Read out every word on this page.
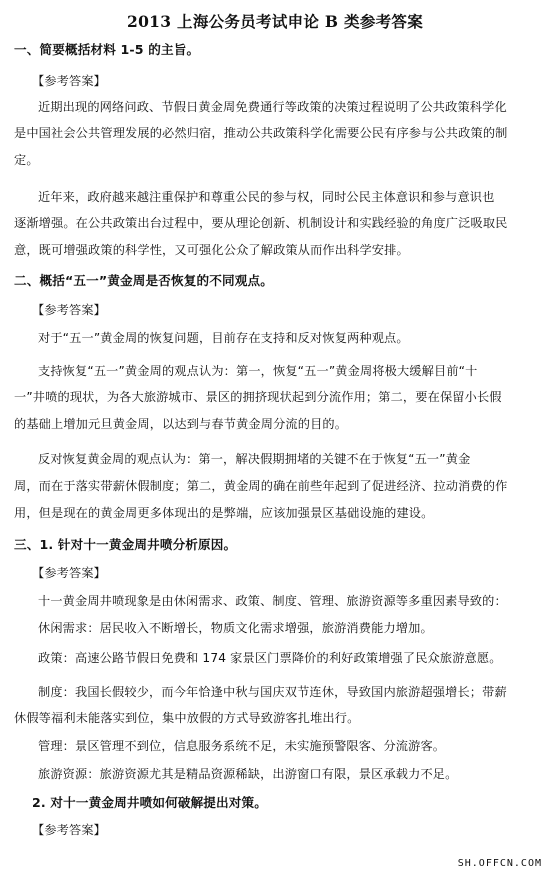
2013 上海公务员考试申论 B 类参考答案
一、简要概括材料 1-5 的主旨。
【参考答案】
近期出现的网络问政、节假日黄金周免费通行等政策的决策过程说明了公共政策科学化
是中国社会公共管理发展的必然归宿，推动公共政策科学化需要公民有序参与公共政策的制
定。
近年来，政府越来越注重保护和尊重公民的参与权，同时公民主体意识和参与意识也
逐渐增强。在公共政策出台过程中，要从理论创新、机制设计和实践经验的角度广泛吸取民
意，既可增强政策的科学性，又可强化公众了解政策从而作出科学安排。
二、概括“五一”黄金周是否恢复的不同观点。
【参考答案】
对于“五一”黄金周的恢复问题，目前存在支持和反对恢复两种观点。
支持恢复“五一”黄金周的观点认为：第一，恢复“五一”黄金周将极大缓解目前“十
一”井喷的现状，为各大旅游城市、景区的拥挤现状起到分流作用；第二，要在保留小长假
的基础上增加元旦黄金周，以达到与春节黄金周分流的目的。
反对恢复黄金周的观点认为：第一，解决假期拥堵的关键不在于恢复“五一”黄金
周，而在于落实带薪休假制度；第二，黄金周的确在前些年起到了促进经济、拉动消费的作
用，但是现在的黄金周更多体现出的是弊端，应该加强景区基础设施的建设。
三、1. 针对十一黄金周井喷分析原因。
【参考答案】
十一黄金周井喷现象是由休闲需求、政策、制度、管理、旅游资源等多重因素导致的：
休闲需求：居民收入不断增长，物质文化需求增强，旅游消费能力增加。
政策：高速公路节假日免费和 174 家景区门票降价的利好政策增强了民众旅游意愿。
制度：我国长假较少，而今年恰逢中秋与国庆双节连休，导致国内旅游超强增长；带薪
休假等福利未能落实到位，集中放假的方式导致游客扎堆出行。
管理：景区管理不到位，信息服务系统不足，未实施预警限客、分流游客。
旅游资源：旅游资源尤其是精品资源稀缺，出游窗口有限，景区承载力不足。
2. 对十一黄金周井喷如何破解提出对策。
【参考答案】
SH.OFFCN.COM
